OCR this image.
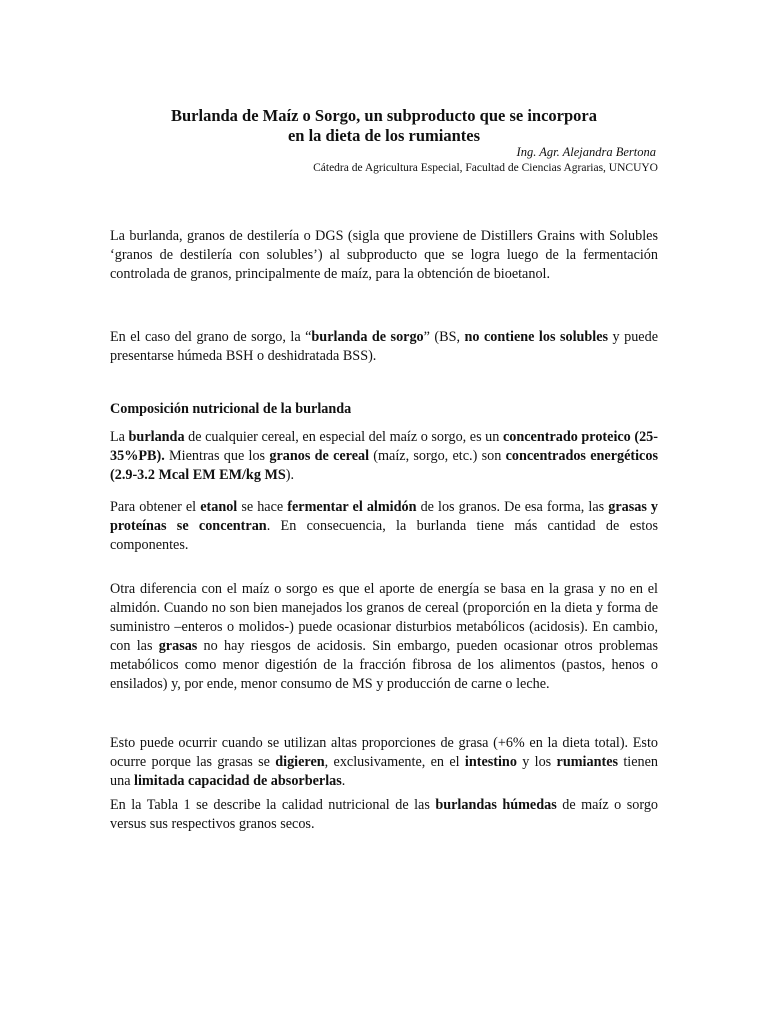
Burlanda de Maíz o Sorgo, un subproducto que se incorpora
en la dieta de los rumiantes
Ing. Agr. Alejandra Bertona
Cátedra de Agricultura Especial, Facultad de Ciencias Agrarias, UNCUYO

La burlanda, granos de destilería o DGS (sigla que proviene de Distillers Grains with Solubles ‘granos de destilería con solubles’) al subproducto que se logra luego de la fermentación controlada de granos, principalmente de maíz, para la obtención de bioetanol.

En el caso del grano de sorgo, la “burlanda de sorgo” (BS, no contiene los solubles y puede presentarse húmeda BSH o deshidratada BSS).

Composición nutricional de la burlanda

La burlanda de cualquier cereal, en especial del maíz o sorgo, es un concentrado proteico (25-35%PB). Mientras que los granos de cereal (maíz, sorgo, etc.) son concentrados energéticos (2.9-3.2 Mcal EM EM/kg MS).

Para obtener el etanol se hace fermentar el almidón de los granos. De esa forma, las grasas y proteínas se concentran. En consecuencia, la burlanda tiene más cantidad de estos componentes.

Otra diferencia con el maíz o sorgo es que el aporte de energía se basa en la grasa y no en el almidón. Cuando no son bien manejados los granos de cereal (proporción en la dieta y forma de suministro –enteros o molidos-) puede ocasionar disturbios metabólicos (acidosis). En cambio, con las grasas no hay riesgos de acidosis. Sin embargo, pueden ocasionar otros problemas metabólicos como menor digestión de la fracción fibrosa de los alimentos (pastos, henos o ensilados) y, por ende, menor consumo de MS y producción de carne o leche.

Esto puede ocurrir cuando se utilizan altas proporciones de grasa (+6% en la dieta total). Esto ocurre porque las grasas se digieren, exclusivamente, en el intestino y los rumiantes tienen una limitada capacidad de absorberlas.

En la Tabla 1 se describe la calidad nutricional de las burlandas húmedas de maíz o sorgo versus sus respectivos granos secos.
